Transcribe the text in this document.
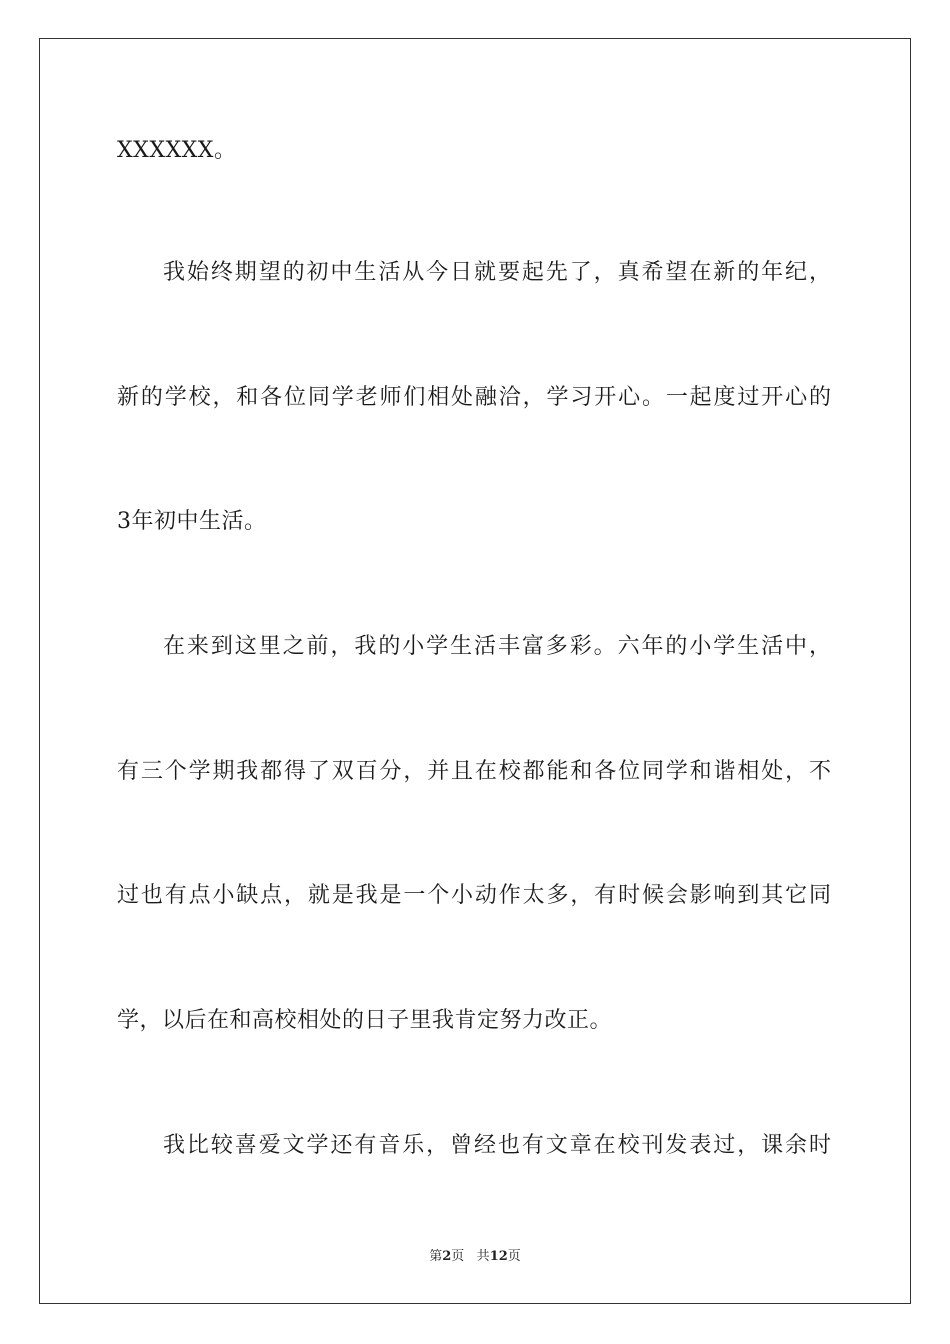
XXXXXX。
我始终期望的初中生活从今日就要起先了，真希望在新的年纪，
新的学校，和各位同学老师们相处融洽，学习开心。一起度过开心的
3年初中生活。
在来到这里之前，我的小学生活丰富多彩。六年的小学生活中，
有三个学期我都得了双百分，并且在校都能和各位同学和谐相处，不
过也有点小缺点，就是我是一个小动作太多，有时候会影响到其它同
学，以后在和高校相处的日子里我肯定努力改正。
我比较喜爱文学还有音乐，曾经也有文章在校刊发表过，课余时
第2页 共12页
